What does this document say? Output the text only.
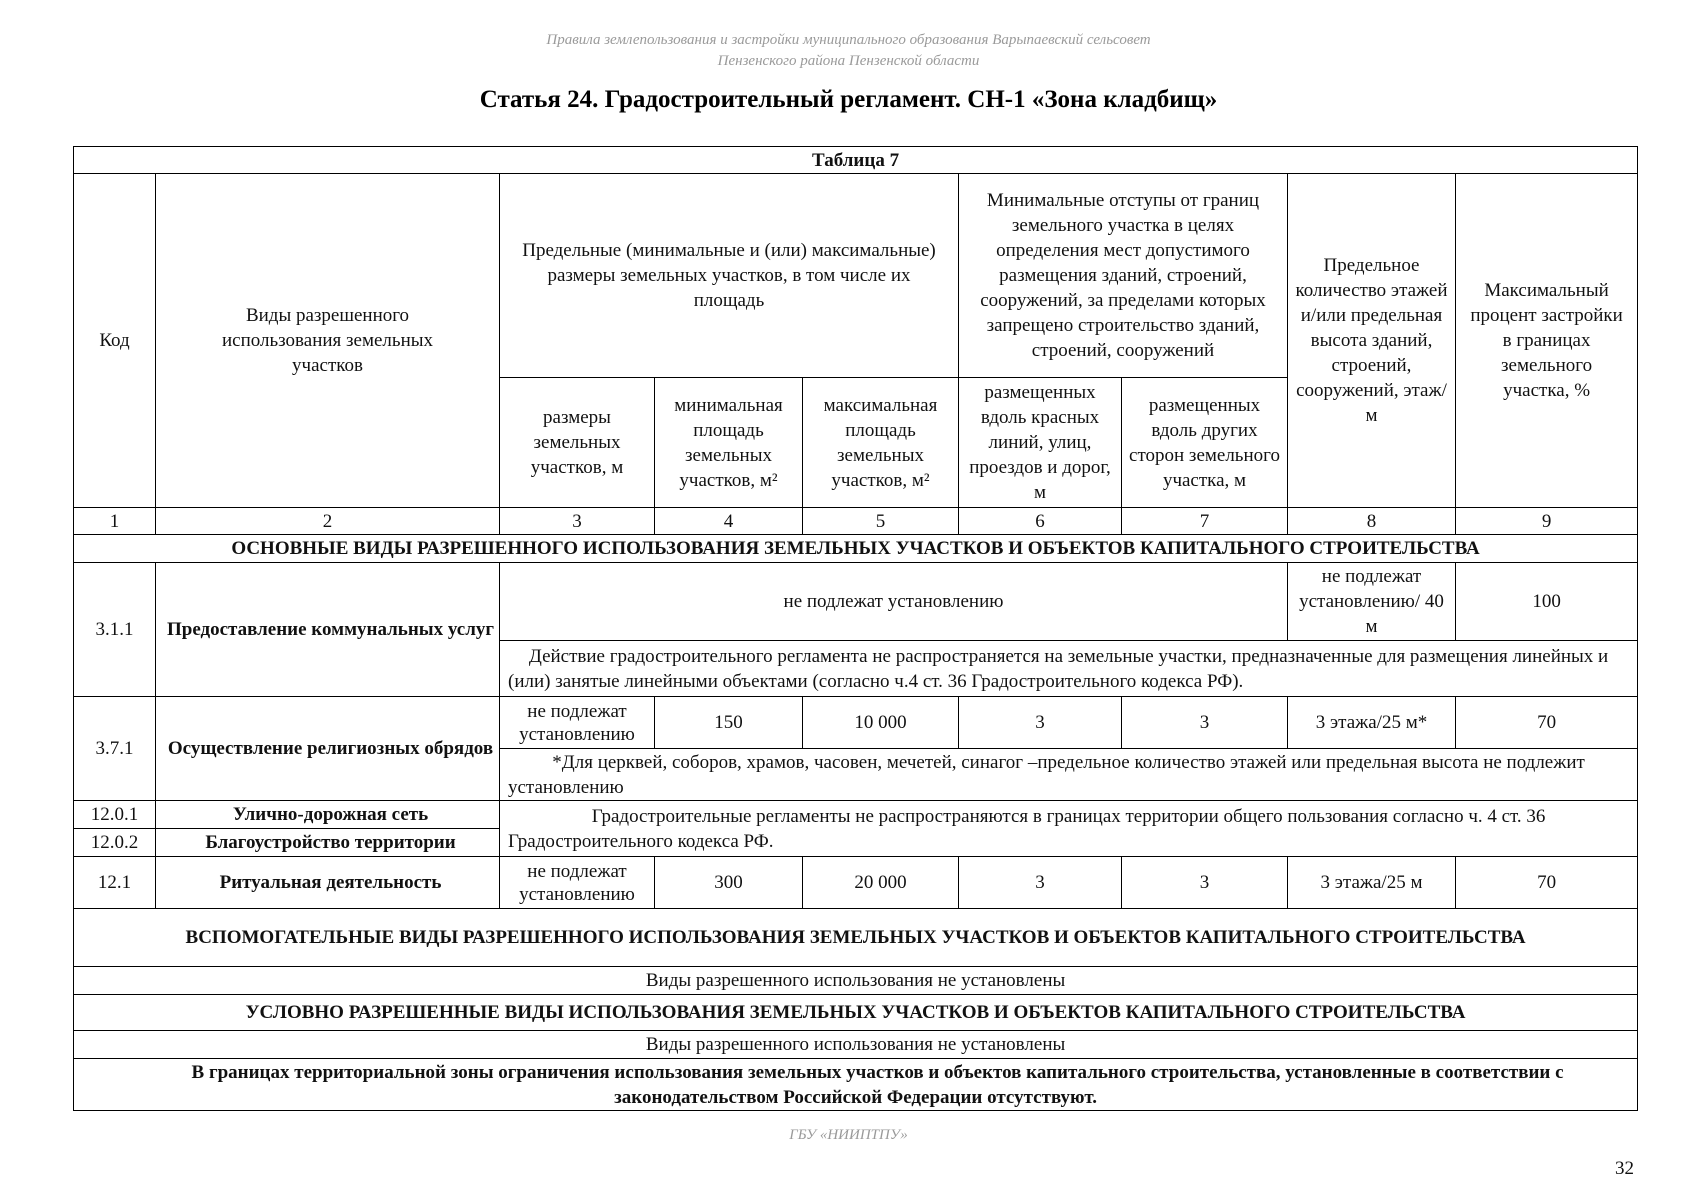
Правила землепользования и застройки муниципального образования Варыпаевский сельсовет
Пензенского района Пензенской области
Статья 24. Градостроительный регламент. СН-1 «Зона кладбищ»
Таблица 7								
Код	Виды разрешенного использования земельных участков	Предельные (минимальные и (или) максимальные) размеры земельных участков, в том числе их площадь			Минимальные отступы от границ земельного участка в целях определения мест допустимого размещения зданий, строений, сооружений, за пределами которых запрещено строительство зданий, строений, сооружений		Предельное количество этажей и/или предельная высота зданий, строений, сооружений, этаж/м	Максимальный процент застройки в границах земельного участка, %
		размеры земельных участков, м	минимальная площадь земельных участков, м²	максимальная площадь земельных участков, м²	размещенных вдоль красных линий, улиц, проездов и дорог, м	размещенных вдоль других сторон земельного участка, м		
1	2	3	4	5	6	7	8	9
ОСНОВНЫЕ ВИДЫ РАЗРЕШЕННОГО ИСПОЛЬЗОВАНИЯ ЗЕМЕЛЬНЫХ УЧАСТКОВ И ОБЪЕКТОВ КАПИТАЛЬНОГО СТРОИТЕЛЬСТВА								
3.1.1	Предоставление коммунальных услуг	не подлежат установлению					не подлежат установлению/ 40 м	100
		Действие градостроительного регламента не распространяется на земельные участки, предназначенные для размещения линейных и (или) занятые линейными объектами (согласно ч.4 ст. 36 Градостроительного кодекса РФ).						
3.7.1	Осуществление религиозных обрядов	не подлежат установлению	150	10 000	3	3	3 этажа/25 м*	70
		*Для церквей, соборов, храмов, часовен, мечетей, синагог –предельное количество этажей или предельная высота не подлежит установлению						
12.0.1	Улично-дорожная сеть	Градостроительные регламенты не распространяются в границах территории общего пользования согласно ч. 4 ст. 36 Градостроительного кодекса РФ.						
12.0.2	Благоустройство территории							
12.1	Ритуальная деятельность	не подлежат установлению	300	20 000	3	3	3 этажа/25 м	70
ВСПОМОГАТЕЛЬНЫЕ ВИДЫ РАЗРЕШЕННОГО ИСПОЛЬЗОВАНИЯ ЗЕМЕЛЬНЫХ УЧАСТКОВ И ОБЪЕКТОВ КАПИТАЛЬНОГО СТРОИТЕЛЬСТВА								
Виды разрешенного использования не установлены								
УСЛОВНО РАЗРЕШЕННЫЕ ВИДЫ ИСПОЛЬЗОВАНИЯ ЗЕМЕЛЬНЫХ УЧАСТКОВ И ОБЪЕКТОВ КАПИТАЛЬНОГО СТРОИТЕЛЬСТВА								
Виды разрешенного использования не установлены								
В границах территориальной зоны ограничения использования земельных участков и объектов капитального строительства, установленные в соответствии с законодательством Российской Федерации отсутствуют.								
ГБУ «НИИПТПУ»
32
